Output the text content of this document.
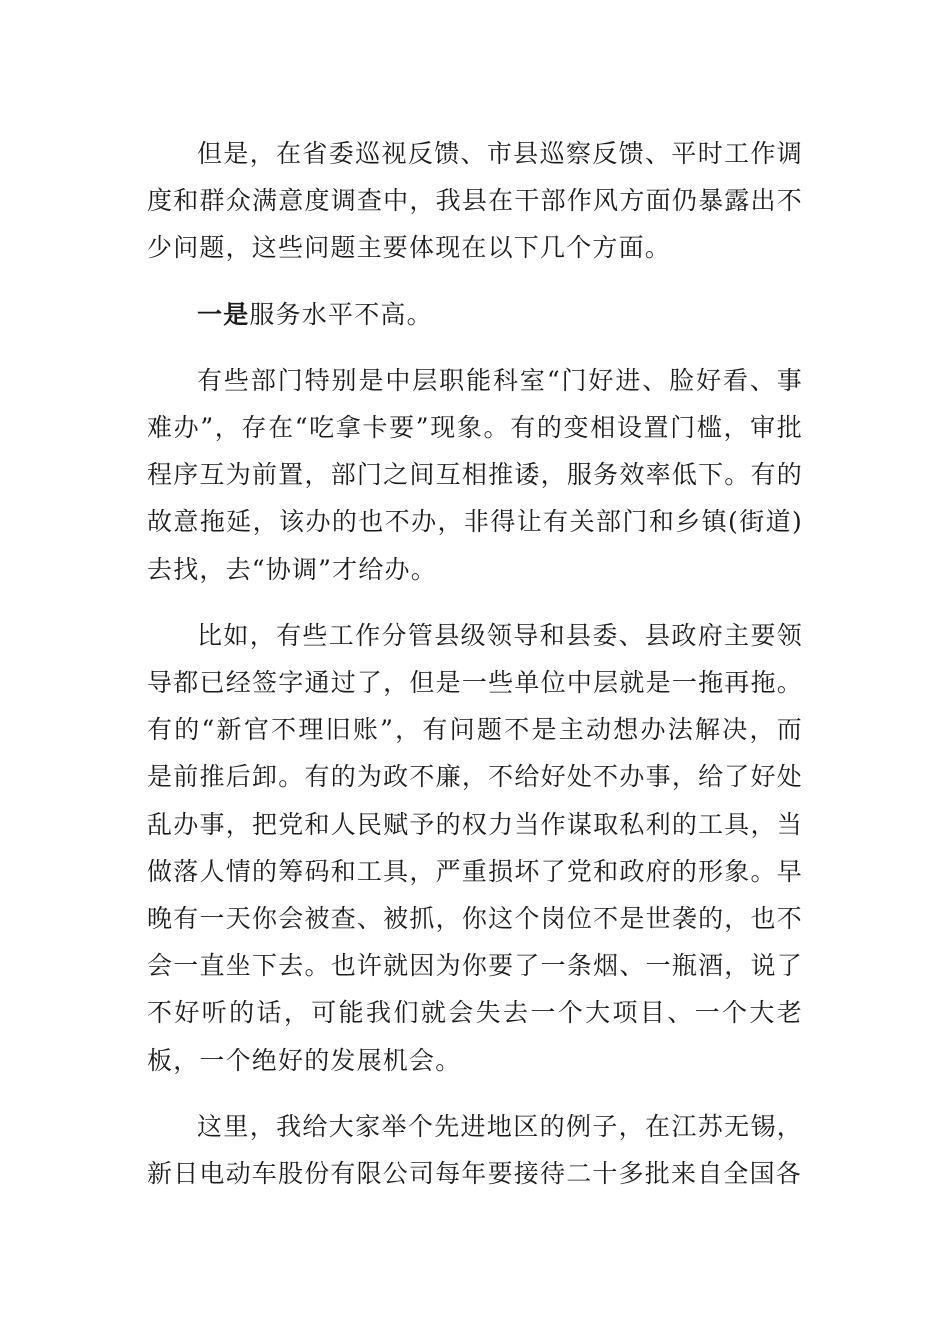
但是，在省委巡视反馈、市县巡察反馈、平时工作调度和群众满意度调查中，我县在干部作风方面仍暴露出不少问题，这些问题主要体现在以下几个方面。

一是服务水平不高。

有些部门特别是中层职能科室“门好进、脸好看、事难办”，存在“吃拿卡要”现象。有的变相设置门槛，审批程序互为前置，部门之间互相推诿，服务效率低下。有的故意拖延，该办的也不办，非得让有关部门和乡镇(街道)去找，去“协调”才给办。

比如，有些工作分管县级领导和县委、县政府主要领导都已经签字通过了，但是一些单位中层就是一拖再拖。有的“新官不理旧账”，有问题不是主动想办法解决，而是前推后卸。有的为政不廉，不给好处不办事，给了好处乱办事，把党和人民赋予的权力当作谋取私利的工具，当做落人情的筹码和工具，严重损坏了党和政府的形象。早晚有一天你会被查、被抓，你这个岗位不是世袭的，也不会一直坐下去。也许就因为你要了一条烟、一瓶酒，说了不好听的话，可能我们就会失去一个大项目、一个大老板，一个绝好的发展机会。

这里，我给大家举个先进地区的例子，在江苏无锡，新日电动车股份有限公司每年要接待二十多批来自全国各
